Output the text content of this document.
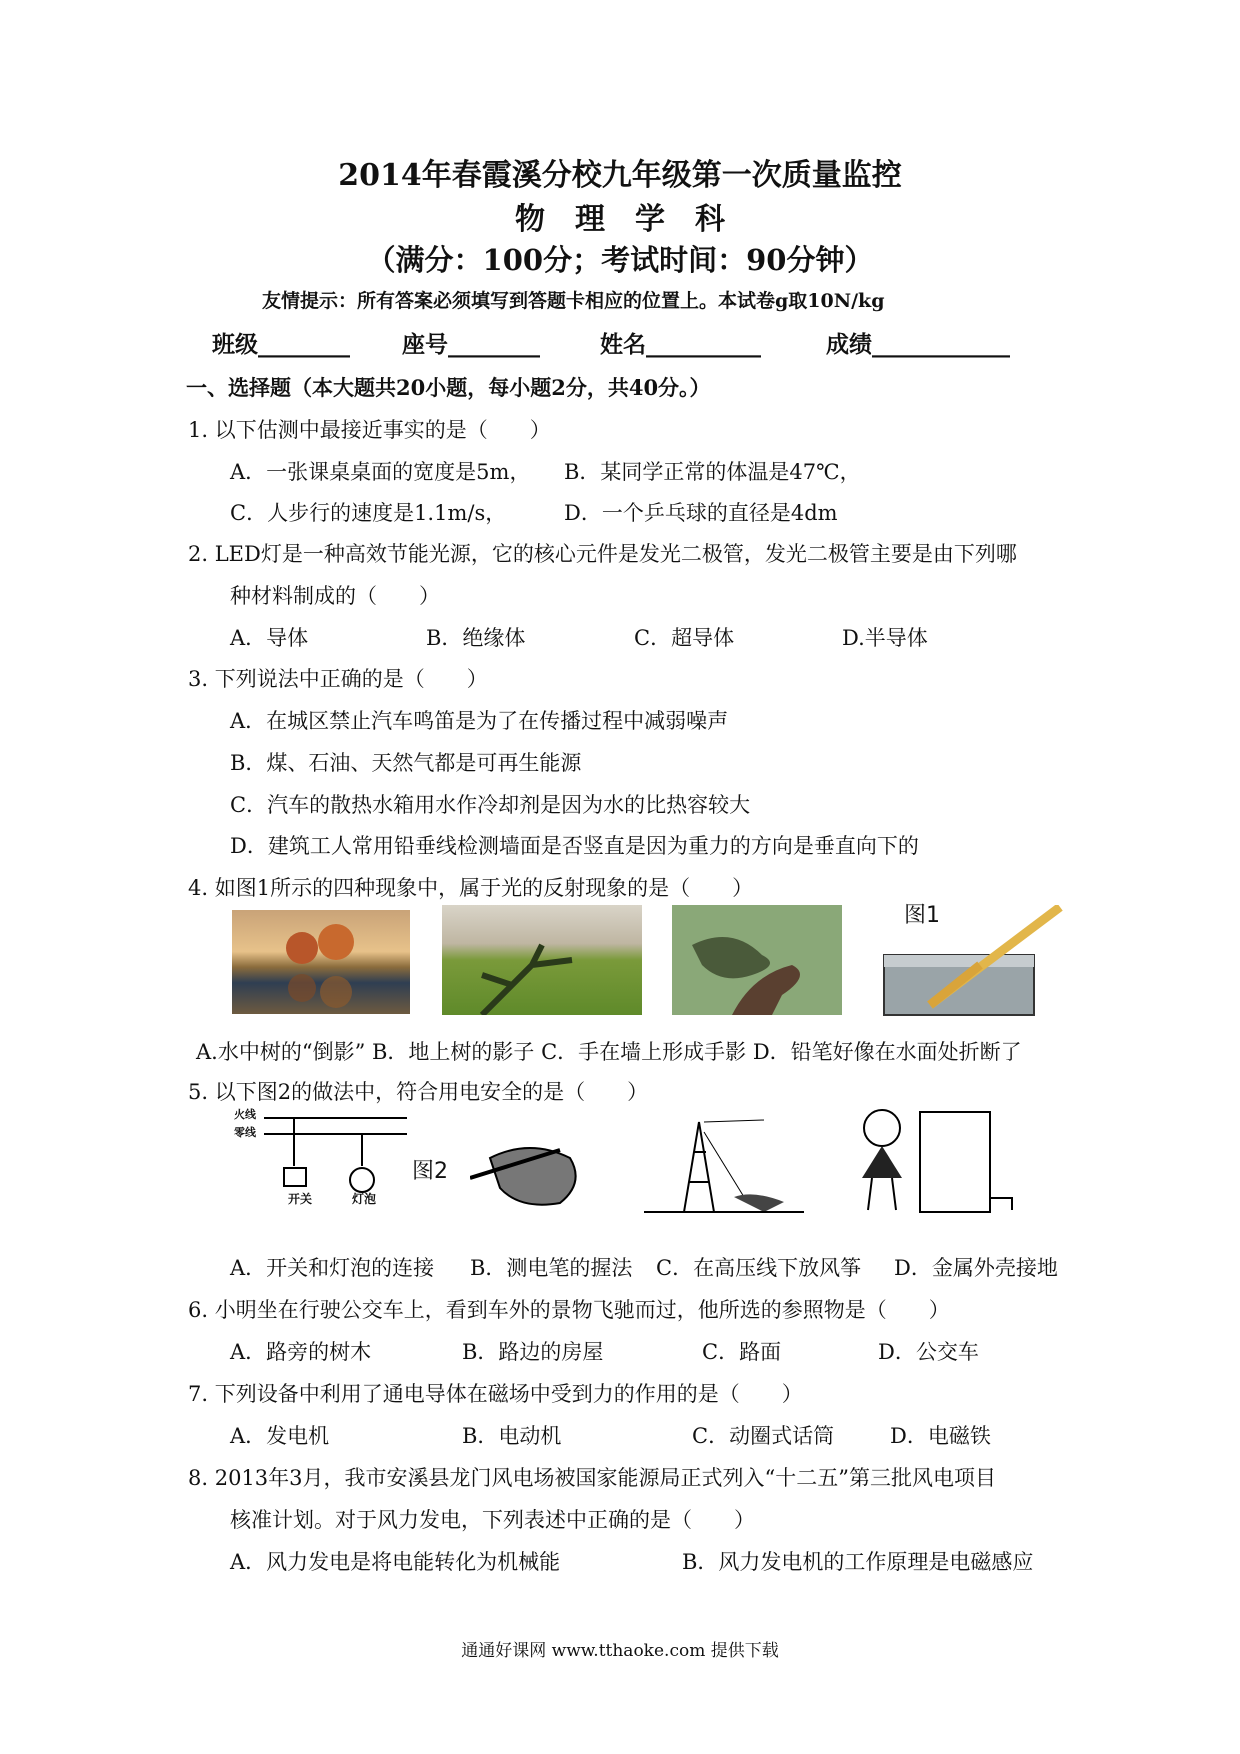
2014年春霞溪分校九年级第一次质量监控
物　理　学　科
（满分：100分；考试时间：90分钟）
友情提示：所有答案必须填写到答题卡相应的位置上。本试卷g取10N/kg
班级________ 座号________	姓名__________	成绩____________
一、选择题（本大题共20小题，每小题2分，共40分。）
1. 以下估测中最接近事实的是（　　）
A．一张课桌桌面的宽度是5m， B．某同学正常的体温是47℃，
C．人步行的速度是1.1m/s，	D．一个乒乓球的直径是4dm
2. LED灯是一种高效节能光源，它的核心元件是发光二极管，发光二极管主要是由下列哪
种材料制成的（　　）
A．导体	B．绝缘体	C．超导体	D.半导体
3. 下列说法中正确的是（　　）
A．在城区禁止汽车鸣笛是为了在传播过程中减弱噪声
B．煤、石油、天然气都是可再生能源
C．汽车的散热水箱用水作冷却剂是因为水的比热容较大
D．建筑工人常用铅垂线检测墙面是否竖直是因为重力的方向是垂直向下的
4. 如图1所示的四种现象中，属于光的反射现象的是（　　）
图1
A.水中树的“倒影” B．地上树的影子 C．手在墙上形成手影 D．铅笔好像在水面处折断了
5. 以下图2的做法中，符合用电安全的是（　　）
火线
零线
开关	灯泡
图2
A．开关和灯泡的连接 B．测电笔的握法 C．在高压线下放风筝 D．金属外壳接地
6. 小明坐在行驶公交车上，看到车外的景物飞驰而过，他所选的参照物是（　　）
A．路旁的树木	B．路边的房屋	C．路面	D．公交车
7. 下列设备中利用了通电导体在磁场中受到力的作用的是（　　）
A．发电机	B．电动机	C．动圈式话筒	D．电磁铁
8. 2013年3月，我市安溪县龙门风电场被国家能源局正式列入“十二五”第三批风电项目
核准计划。对于风力发电，下列表述中正确的是（　　）
A．风力发电是将电能转化为机械能	B．风力发电机的工作原理是电磁感应
通通好课网 www.tthaoke.com 提供下载
